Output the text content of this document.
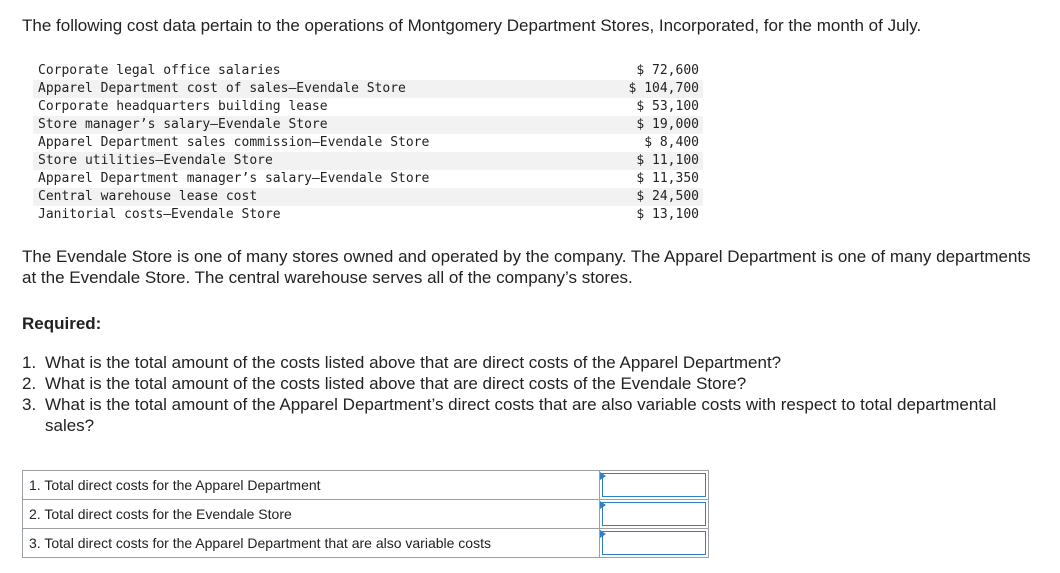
The following cost data pertain to the operations of Montgomery Department Stores, Incorporated, for the month of July.
Corporate legal office salaries	$ 72,600
Apparel Department cost of sales—Evendale Store	$ 104,700
Corporate headquarters building lease	$ 53,100
Store manager’s salary—Evendale Store	$ 19,000
Apparel Department sales commission—Evendale Store	$ 8,400
Store utilities—Evendale Store	$ 11,100
Apparel Department manager’s salary—Evendale Store	$ 11,350
Central warehouse lease cost	$ 24,500
Janitorial costs—Evendale Store	$ 13,100
The Evendale Store is one of many stores owned and operated by the company. The Apparel Department is one of many departments at the Evendale Store. The central warehouse serves all of the company’s stores.
Required:
1. What is the total amount of the costs listed above that are direct costs of the Apparel Department?
2. What is the total amount of the costs listed above that are direct costs of the Evendale Store?
3. What is the total amount of the Apparel Department’s direct costs that are also variable costs with respect to total departmental sales?
1. Total direct costs for the Apparel Department	

2. Total direct costs for the Evendale Store	

3. Total direct costs for the Apparel Department that are also variable costs	
